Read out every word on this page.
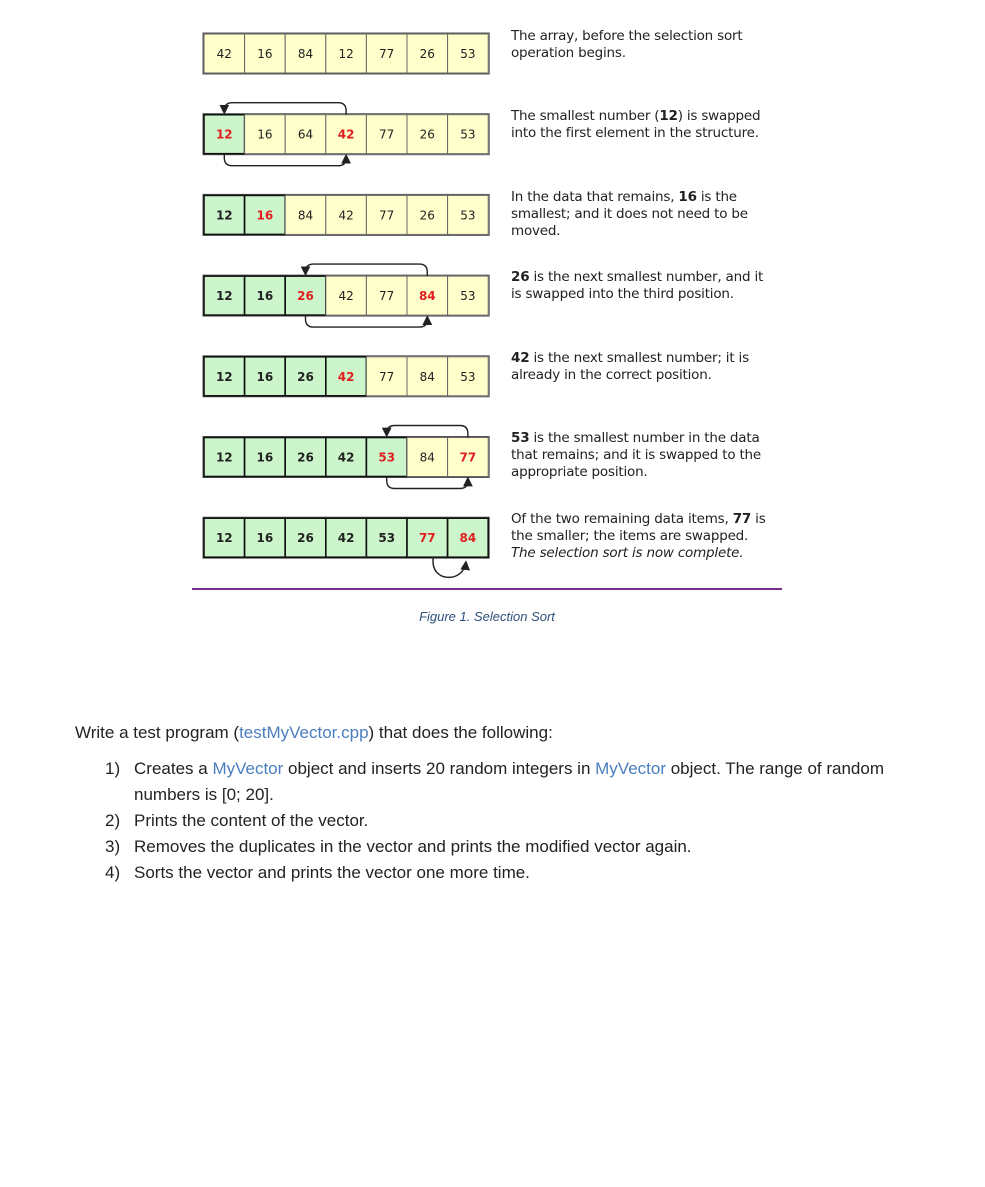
42 16 84 12 77 26 53
12 16 64 42 77 26 53
12 16 84 42 77 26 53
12 16 26 42 77 84 53
12 16 26 42 77 84 53
12 16 26 42 53 84 77
12 16 26 42 53 77 84
The array, before the selection sort operation begins.
The smallest number (12) is swapped into the first element in the structure.
In the data that remains, 16 is the smallest; and it does not need to be moved.
26 is the next smallest number, and it is swapped into the third position.
42 is the next smallest number; it is already in the correct position.
53 is the smallest number in the data that remains; and it is swapped to the appropriate position.
Of the two remaining data items, 77 is the smaller; the items are swapped. The selection sort is now complete.
Figure 1. Selection Sort
Write a test program (testMyVector.cpp) that does the following:
1) Creates a MyVector object and inserts 20 random integers in MyVector object. The range of random numbers is [0; 20].
2) Prints the content of the vector.
3) Removes the duplicates in the vector and prints the modified vector again.
4) Sorts the vector and prints the vector one more time.
